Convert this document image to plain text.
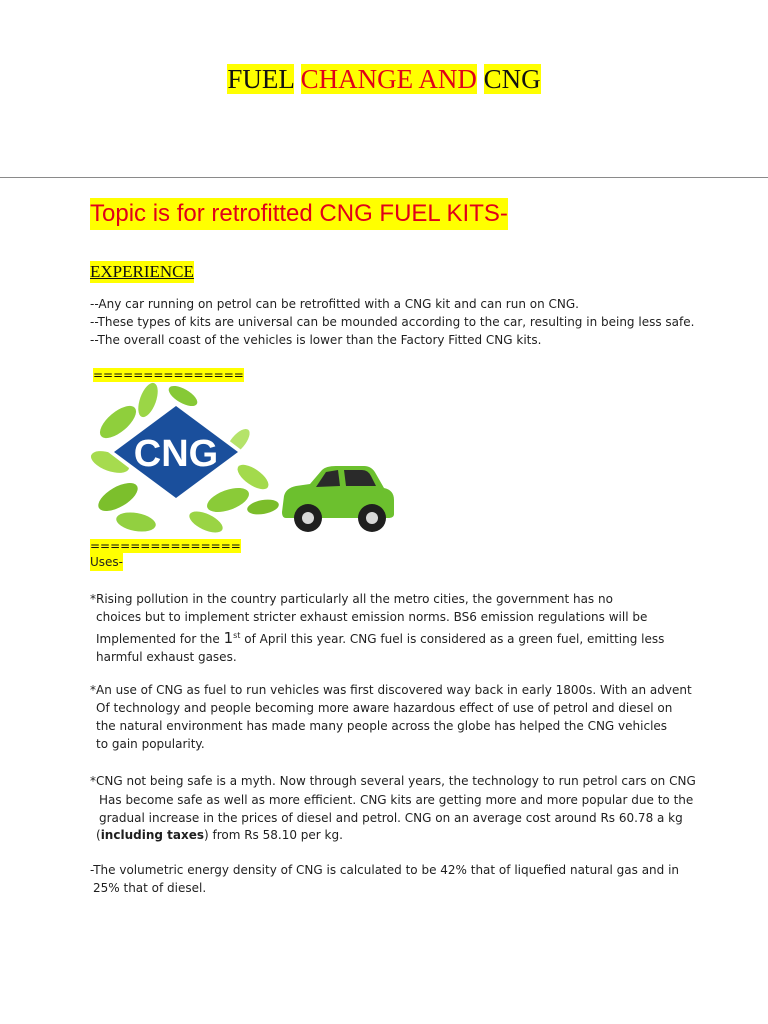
FUEL CHANGE AND CNG
Topic is for retrofitted CNG FUEL KITS-
EXPERIENCE
--Any car running on petrol can be retrofitted with a CNG kit and can run on CNG.
--These types of kits are universal can be mounded according to the car, resulting in being less safe.
--The overall coast of the vehicles is lower than the Factory Fitted CNG kits.
===============
CNG
===============
Uses-
*Rising pollution in the country particularly all the metro cities, the government has no
choices but to implement stricter exhaust emission norms. BS6 emission regulations will be
Implemented for the 1st of April this year. CNG fuel is considered as a green fuel, emitting less
harmful exhaust gases.
*An use of CNG as fuel to run vehicles was first discovered way back in early 1800s. With an advent
Of technology and people becoming more aware hazardous effect of use of petrol and diesel on
the natural environment has made many people across the globe has helped the CNG vehicles
to gain popularity.
*CNG not being safe is a myth. Now through several years, the technology to run petrol cars on CNG
Has become safe as well as more efficient. CNG kits are getting more and more popular due to the
gradual increase in the prices of diesel and petrol. CNG on an average cost around Rs 60.78 a kg
(including taxes) from Rs 58.10 per kg.
-The volumetric energy density of CNG is calculated to be 42% that of liquefied natural gas and in
25% that of diesel.
